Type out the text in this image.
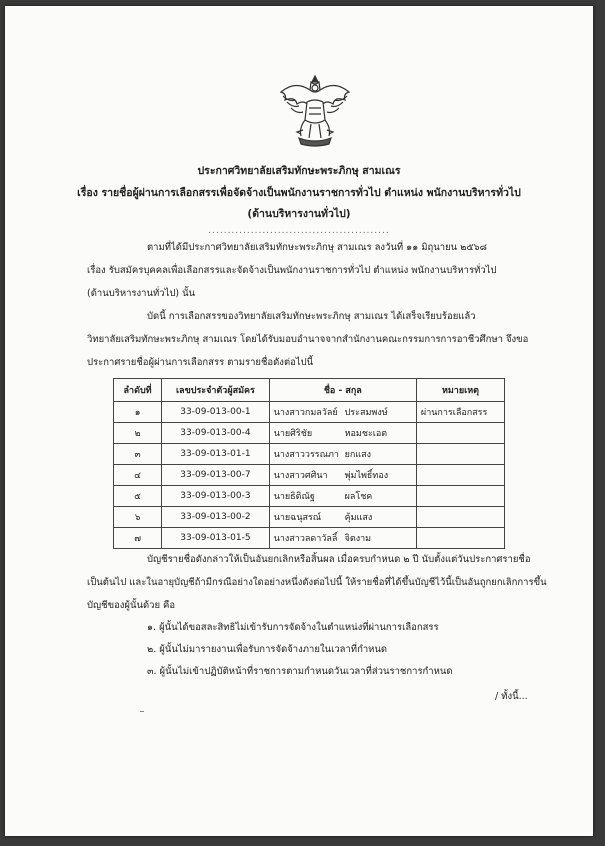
ประกาศวิทยาลัยเสริมทักษะพระภิกษุ สามเณร
เรื่อง รายชื่อผู้ผ่านการเลือกสรรเพื่อจัดจ้างเป็นพนักงานราชการทั่วไป ตำแหน่ง พนักงานบริหารทั่วไป
(ด้านบริหารงานทั่วไป)
...............................................
ตามที่ได้มีประกาศวิทยาลัยเสริมทักษะพระภิกษุ สามเณร ลงวันที่ ๑๑ มิถุนายน ๒๕๖๘
เรื่อง รับสมัครบุคคลเพื่อเลือกสรรและจัดจ้างเป็นพนักงานราชการทั่วไป ตำแหน่ง พนักงานบริหารทั่วไป
(ด้านบริหารงานทั่วไป) นั้น
บัดนี้ การเลือกสรรของวิทยาลัยเสริมทักษะพระภิกษุ สามเณร ได้เสร็จเรียบร้อยแล้ว
วิทยาลัยเสริมทักษะพระภิกษุ สามเณร โดยได้รับมอบอำนาจจากสำนักงานคณะกรรมการการอาชีวศึกษา จึงขอ
ประกาศรายชื่อผู้ผ่านการเลือกสรร ตามรายชื่อดังต่อไปนี้
ลำดับที่	เลขประจำตัวผู้สมัคร	ชื่อ - สกุล	หมายเหตุ
๑	33-09-013-00-1	นางสาวกมลวัลย์ ประสมพงษ์	ผ่านการเลือกสรร
๒	33-09-013-00-4	นายศิริชัย หอมชะเอต	
๓	33-09-013-01-1	นางสาววรรณภา ยกแสง	
๔	33-09-013-00-7	นางสาวศศินา พุ่มไพธิ์ทอง	
๕	33-09-013-00-3	นายธิติณัฐ ผลโชค	
๖	33-09-013-00-2	นายฉนุสรณ์ คุ้มแสง	
๗	33-09-013-01-5	นางสาวลดาวัลลิ์ จิตงาม	
บัญชีรายชื่อดังกล่าวให้เป็นอันยกเลิกหรือสิ้นผล เมื่อครบกำหนด ๒ ปี นับตั้งแต่วันประกาศรายชื่อ
เป็นต้นไป และในอายุบัญชีถ้ามีกรณีอย่างใดอย่างหนึ่งดังต่อไปนี้ ให้รายชื่อที่ได้ขึ้นบัญชีไว้นี้เป็นอันถูกยกเลิกการขึ้น
บัญชีของผู้นั้นด้วย คือ
๑. ผู้นั้นได้ขอสละสิทธิไม่เข้ารับการจัดจ้างในตำแหน่งที่ผ่านการเลือกสรร
๒. ผู้นั้นไม่มารายงานเพื่อรับการจัดจ้างภายในเวลาที่กำหนด
๓. ผู้นั้นไม่เข้าปฏิบัติหน้าที่ราชการตามกำหนดวันเวลาที่ส่วนราชการกำหนด
/ ทั้งนี้...
